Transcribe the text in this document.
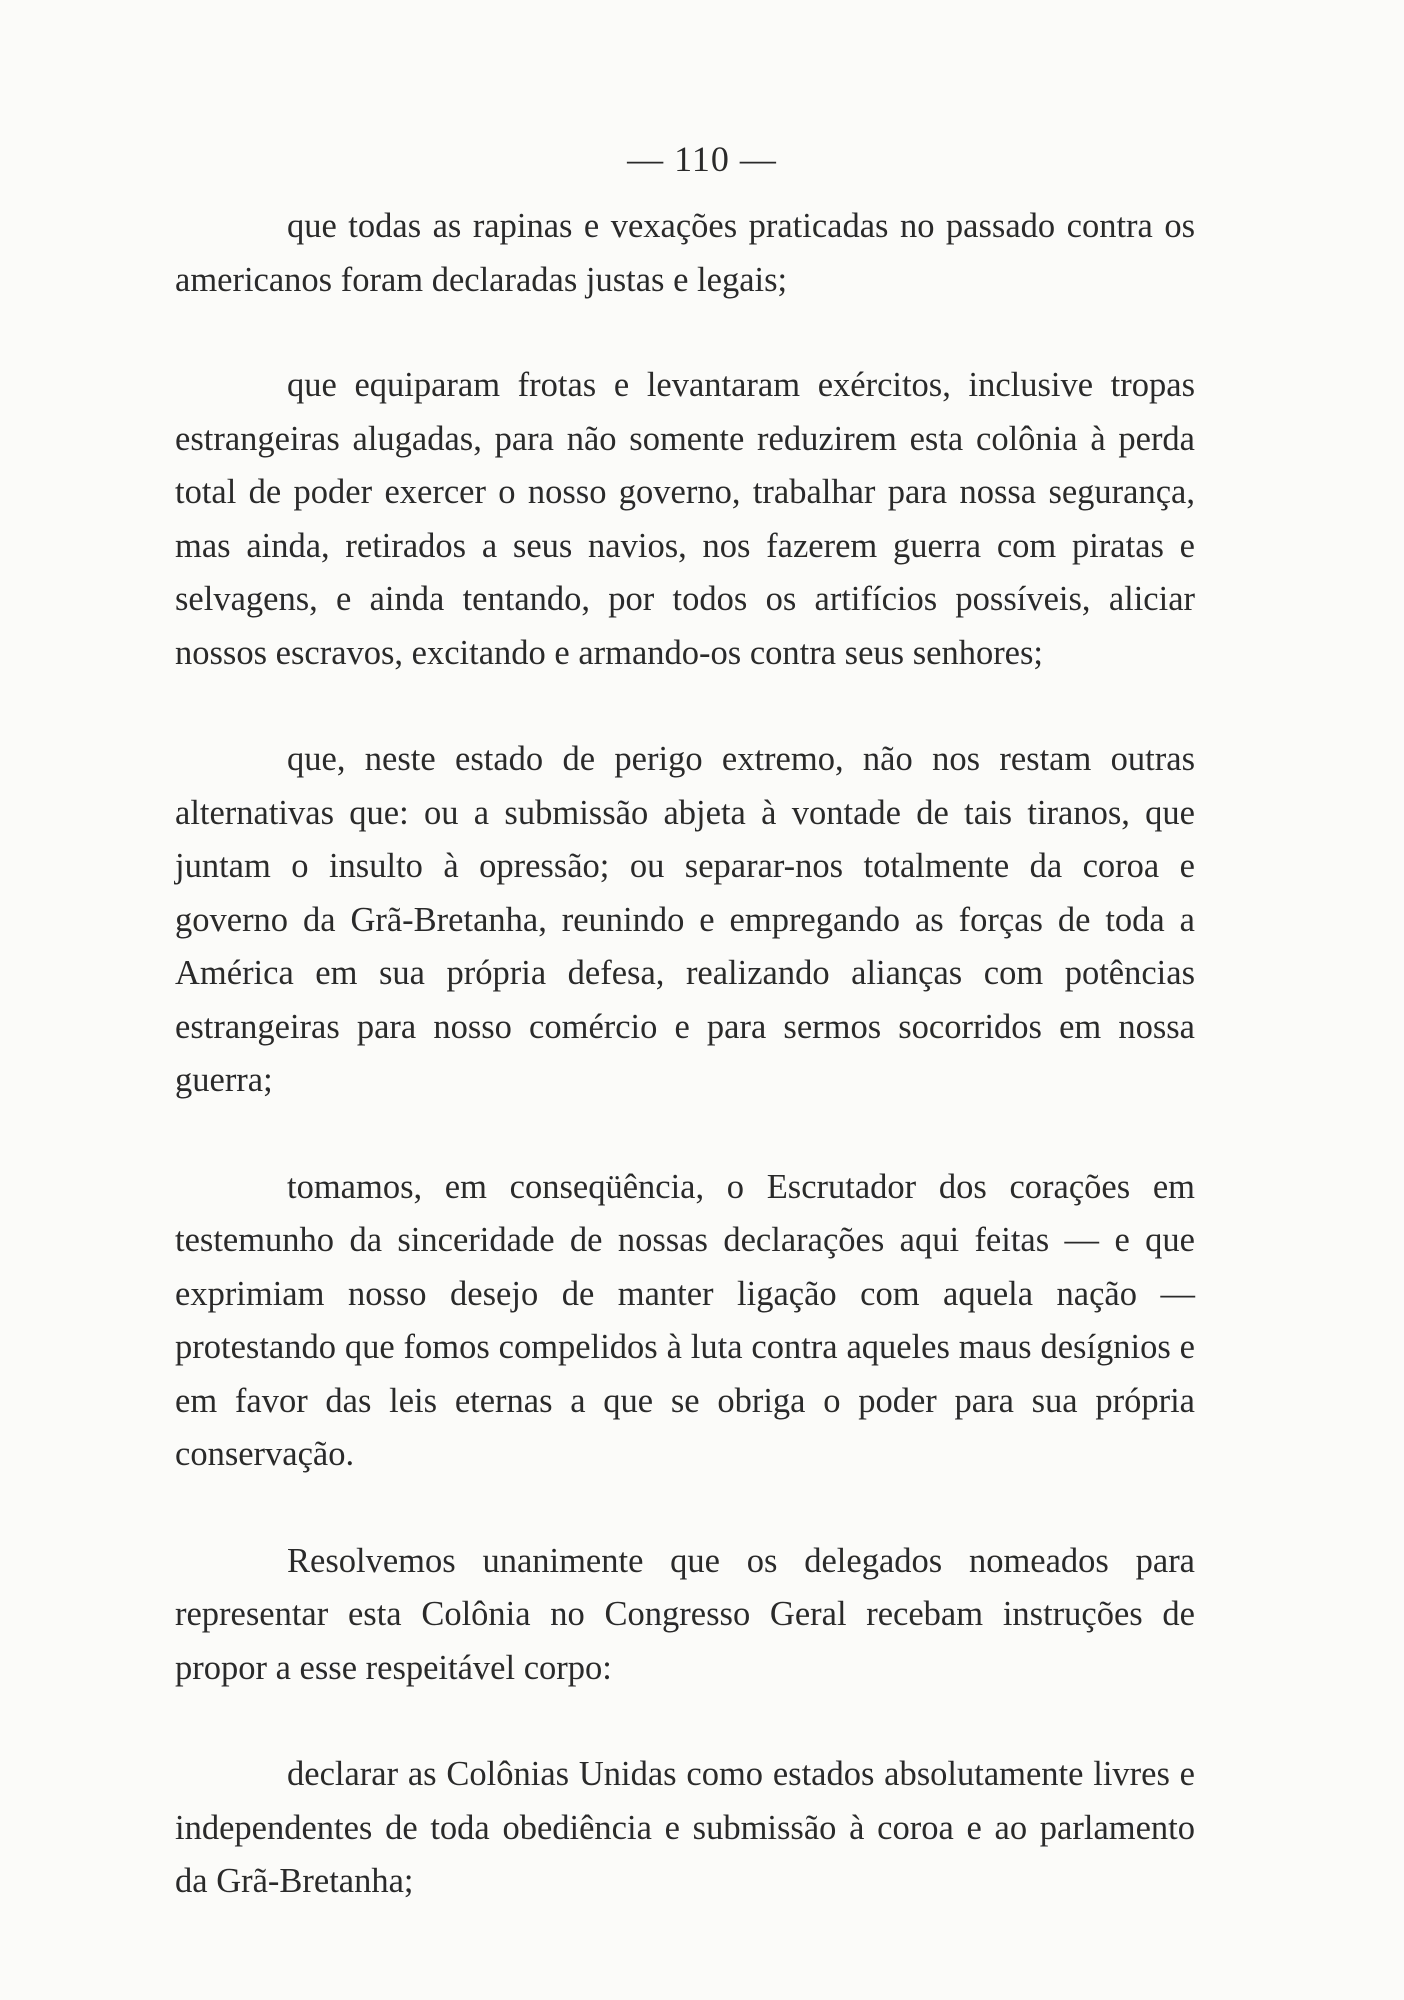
— 110 —

que todas as rapinas e vexações praticadas no passado contra os americanos foram declaradas justas e legais;

que equiparam frotas e levantaram exércitos, inclusive tropas estrangeiras alugadas, para não somente reduzirem esta colônia à perda total de poder exercer o nosso governo, trabalhar para nossa segurança, mas ainda, retirados a seus navios, nos fazerem guerra com piratas e selvagens, e ainda tentando, por todos os artifícios possíveis, aliciar nossos escravos, excitando e armando-os contra seus senhores;

que, neste estado de perigo extremo, não nos restam outras alternativas que: ou a submissão abjeta à vontade de tais tiranos, que juntam o insulto à opressão; ou separar-nos totalmente da coroa e governo da Grã-Bretanha, reunindo e empregando as forças de toda a América em sua própria defesa, realizando alianças com potências estrangeiras para nosso comércio e para sermos socorridos em nossa guerra;

tomamos, em conseqüência, o Escrutador dos corações em testemunho da sinceridade de nossas declarações aqui feitas — e que exprimiam nosso desejo de manter ligação com aquela nação — protestando que fomos compelidos à luta contra aqueles maus desígnios e em favor das leis eternas a que se obriga o poder para sua própria conservação.

Resolvemos unanimente que os delegados nomeados para representar esta Colônia no Congresso Geral recebam instruções de propor a esse respeitável corpo:

declarar as Colônias Unidas como estados absolutamente livres e independentes de toda obediência e submissão à coroa e ao parlamento da Grã-Bretanha;
